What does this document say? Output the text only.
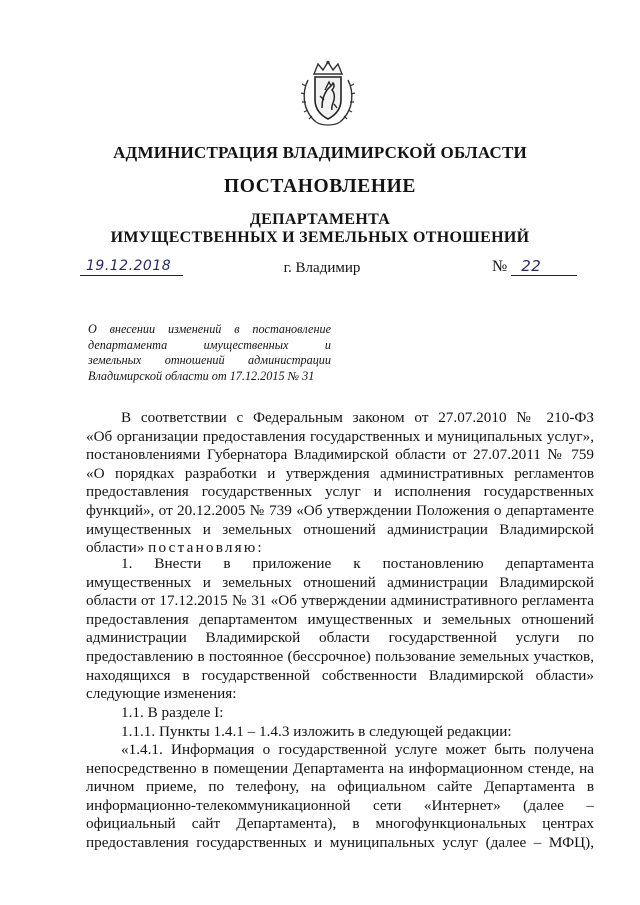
АДМИНИСТРАЦИЯ ВЛАДИМИРСКОЙ ОБЛАСТИ
ПОСТАНОВЛЕНИЕ
ДЕПАРТАМЕНТА
ИМУЩЕСТВЕННЫХ И ЗЕМЕЛЬНЫХ ОТНОШЕНИЙ
19.12.2018	г. Владимир	№ 22
О внесении изменений в постановление
департамента имущественных и
земельных отношений администрации
Владимирской области от 17.12.2015 № 31
В соответствии с Федеральным законом от 27.07.2010 № 210-ФЗ
«Об организации предоставления государственных и муниципальных услуг»,
постановлениями Губернатора Владимирской области от 27.07.2011 № 759
«О порядках разработки и утверждения административных регламентов
предоставления государственных услуг и исполнения государственных
функций», от 20.12.2005 № 739 «Об утверждении Положения о департаменте
имущественных и земельных отношений администрации Владимирской
области» постановляю:
1. Внести в приложение к постановлению департамента
имущественных и земельных отношений администрации Владимирской
области от 17.12.2015 № 31 «Об утверждении административного регламента
предоставления департаментом имущественных и земельных отношений
администрации Владимирской области государственной услуги по
предоставлению в постоянное (бессрочное) пользование земельных участков,
находящихся в государственной собственности Владимирской области»
следующие изменения:
1.1. В разделе I:
1.1.1. Пункты 1.4.1 – 1.4.3 изложить в следующей редакции:
«1.4.1. Информация о государственной услуге может быть получена
непосредственно в помещении Департамента на информационном стенде, на
личном приеме, по телефону, на официальном сайте Департамента в
информационно-телекоммуникационной сети «Интернет» (далее –
официальный сайт Департамента), в многофункциональных центрах
предоставления государственных и муниципальных услуг (далее – МФЦ),
